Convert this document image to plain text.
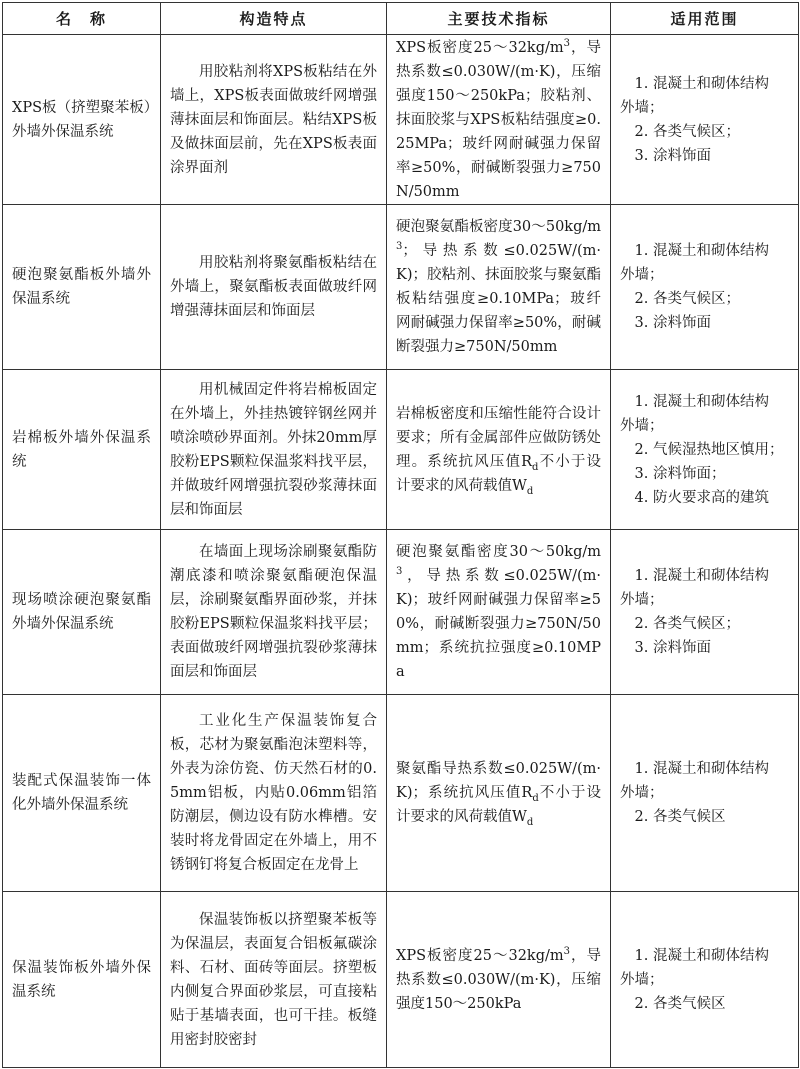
名　称	构造特点	主要技术指标	适用范围
XPS板（挤塑聚苯板）外墙外保温系统	用胶粘剂将XPS板粘结在外墙上，XPS板表面做玻纤网增强薄抹面层和饰面层。粘结XPS板及做抹面层前，先在XPS板表面涂界面剂	XPS板密度$25\sim 32kg/m^3$，导热系数≤0.030W/(m·K)，压缩强度150～250kPa；胶粘剂、抹面胶浆与XPS板粘结强度≥0.25MPa；玻纤网耐碱强力保留率≥50%，耐碱断裂强力≥750N/50mm	1. 混凝土和砌体结构
外墙；
2. 各类气候区；
3. 涂料饰面

硬泡聚氨酯板外墙外保温系统	用胶粘剂将聚氨酯板粘结在外墙上，聚氨酯板表面做玻纤网增强薄抹面层和饰面层	硬泡聚氨酯板密度$30\sim 50kg/m^3$；导热系数≤0.025W/(m·K)；胶粘剂、抹面胶浆与聚氨酯板粘结强度≥0.10MPa；玻纤网耐碱强力保留率≥50%，耐碱断裂强力≥750N/50mm	1. 混凝土和砌体结构
外墙；
2. 各类气候区；
3. 涂料饰面

岩棉板外墙外保温系统	用机械固定件将岩棉板固定在外墙上，外挂热镀锌钢丝网并喷涂喷砂界面剂。外抹20mm厚胶粉EPS颗粒保温浆料找平层，并做玻纤网增强抗裂砂浆薄抹面层和饰面层	岩棉板密度和压缩性能符合设计要求；所有金属部件应做防锈处理。系统抗风压值$R_d$不小于设计要求的风荷载值$W_d$	1. 混凝土和砌体结构
外墙；
2. 气候湿热地区慎用；
3. 涂料饰面；
4. 防火要求高的建筑

现场喷涂硬泡聚氨酯外墙外保温系统	在墙面上现场涂刷聚氨酯防潮底漆和喷涂聚氨酯硬泡保温层，涂刷聚氨酯界面砂浆，并抹胶粉EPS颗粒保温浆料找平层；表面做玻纤网增强抗裂砂浆薄抹面层和饰面层	硬泡聚氨酯密度$30\sim 50kg/m^3$，导热系数≤0.025W/(m·K)；玻纤网耐碱强力保留率≥50%，耐碱断裂强力≥750N/50mm；系统抗拉强度≥0.10MPa	1. 混凝土和砌体结构
外墙；
2. 各类气候区；
3. 涂料饰面

装配式保温装饰一体化外墙外保温系统	工业化生产保温装饰复合板，芯材为聚氨酯泡沫塑料等，外表为涂仿瓷、仿天然石材的0.5mm铝板，内贴0.06mm铝箔防潮层，侧边设有防水榫槽。安装时将龙骨固定在外墙上，用不锈钢钉将复合板固定在龙骨上	聚氨酯导热系数≤0.025W/(m·K)；系统抗风压值$R_d$不小于设计要求的风荷载值$W_d$	1. 混凝土和砌体结构
外墙；
2. 各类气候区

保温装饰板外墙外保温系统	保温装饰板以挤塑聚苯板等为保温层，表面复合铝板氟碳涂料、石材、面砖等面层。挤塑板内侧复合界面砂浆层，可直接粘贴于基墙表面，也可干挂。板缝用密封胶密封	XPS板密度$25\sim 32kg/m^3$，导热系数≤0.030W/(m·K)，压缩强度150～250kPa	1. 混凝土和砌体结构
外墙；
2. 各类气候区
